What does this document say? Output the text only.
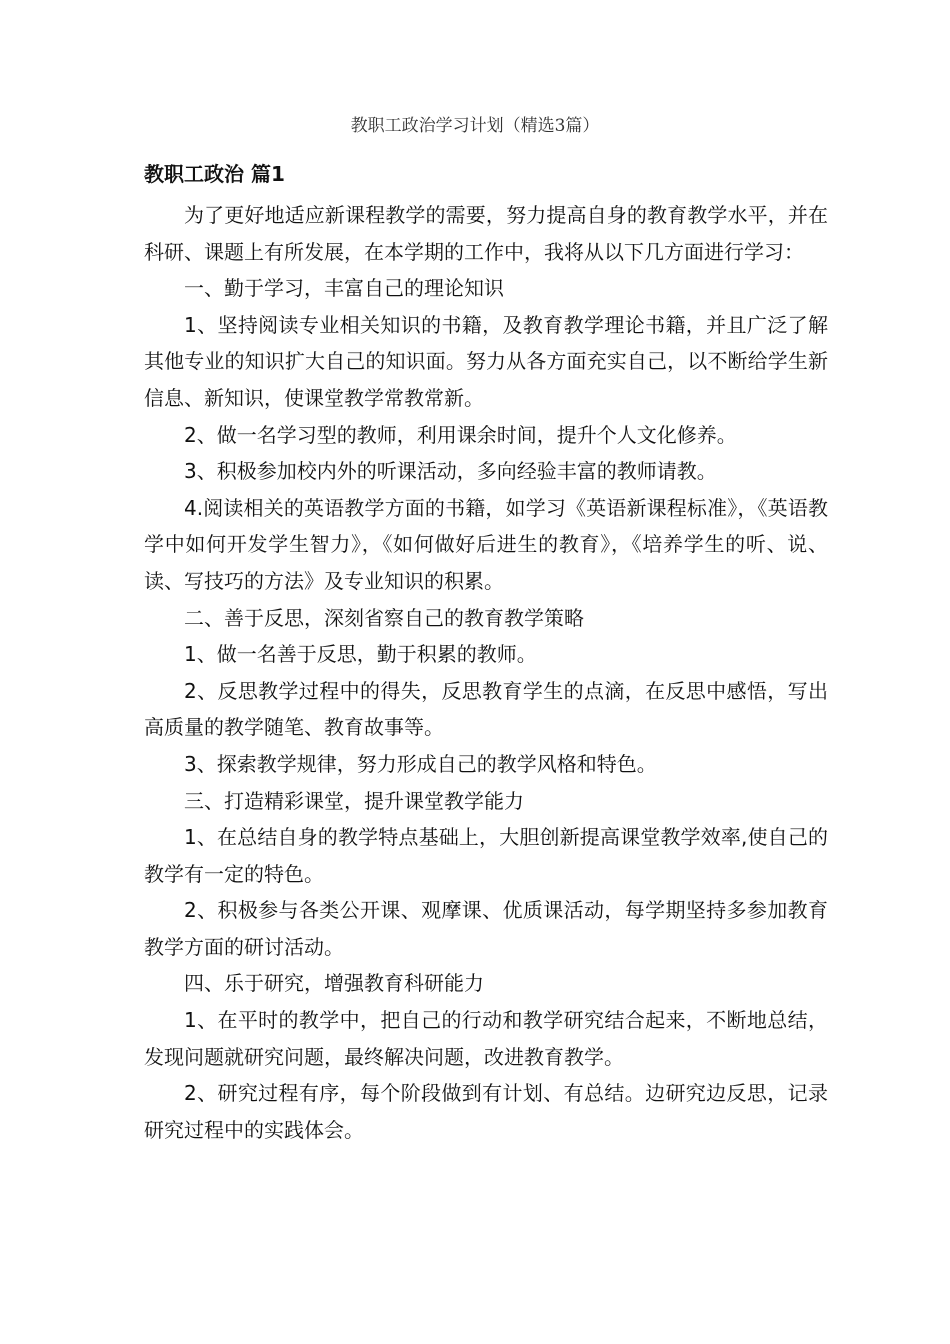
教职工政治学习计划（精选3篇）
教职工政治 篇1

为了更好地适应新课程教学的需要，努力提高自身的教育教学水平，并在科研、课题上有所发展，在本学期的工作中，我将从以下几方面进行学习：

一、勤于学习，丰富自己的理论知识

1、坚持阅读专业相关知识的书籍，及教育教学理论书籍，并且广泛了解其他专业的知识扩大自己的知识面。努力从各方面充实自己，以不断给学生新信息、新知识，使课堂教学常教常新。

2、做一名学习型的教师，利用课余时间，提升个人文化修养。

3、积极参加校内外的听课活动，多向经验丰富的教师请教。

4.阅读相关的英语教学方面的书籍，如学习《英语新课程标准》，《英语教学中如何开发学生智力》，《如何做好后进生的教育》，《培养学生的听、说、读、写技巧的方法》及专业知识的积累。

二、善于反思，深刻省察自己的教育教学策略

1、做一名善于反思，勤于积累的教师。

2、反思教学过程中的得失，反思教育学生的点滴，在反思中感悟，写出高质量的教学随笔、教育故事等。

3、探索教学规律，努力形成自己的教学风格和特色。

三、打造精彩课堂，提升课堂教学能力

1、在总结自身的教学特点基础上，大胆创新提高课堂教学效率,使自己的教学有一定的特色。

2、积极参与各类公开课、观摩课、优质课活动，每学期坚持多参加教育教学方面的研讨活动。

四、乐于研究，增强教育科研能力

1、在平时的教学中，把自己的行动和教学研究结合起来，不断地总结，发现问题就研究问题，最终解决问题，改进教育教学。

2、研究过程有序，每个阶段做到有计划、有总结。边研究边反思，记录研究过程中的实践体会。
